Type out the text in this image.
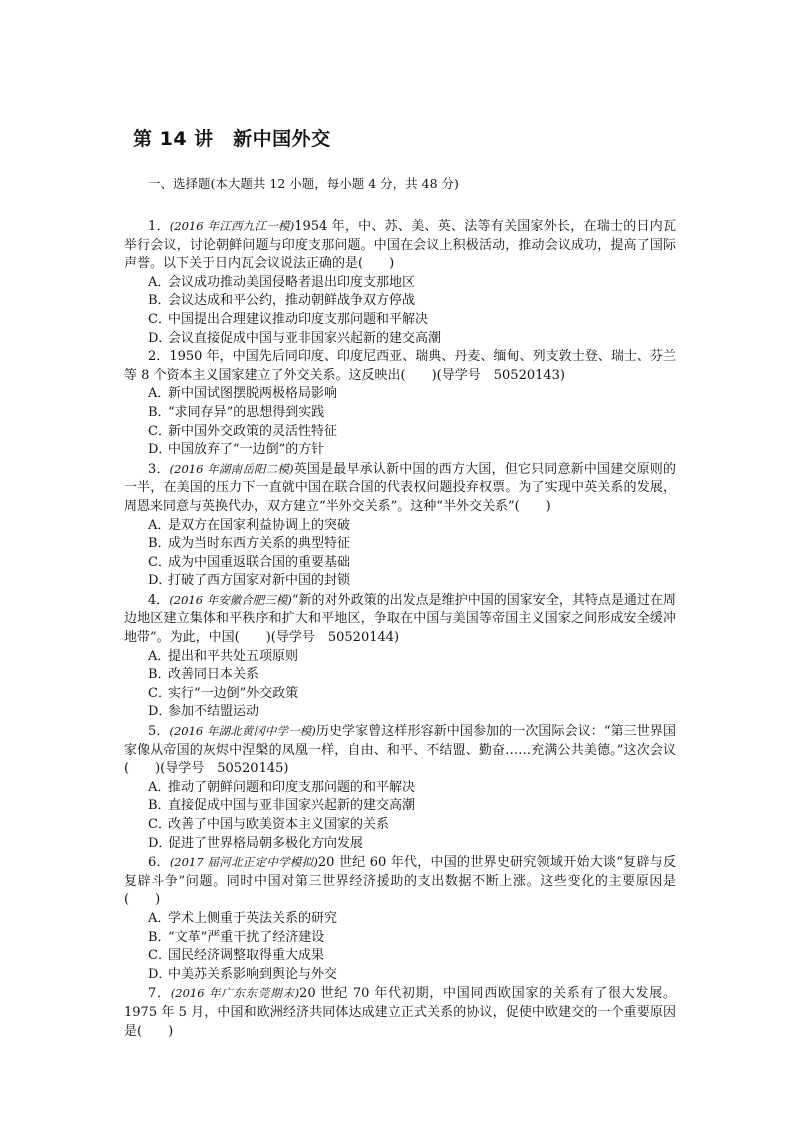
第 14 讲　新中国外交
一、选择题(本大题共 12 小题，每小题 4 分，共 48 分)

1．(2016 年江西九江一模)1954 年，中、苏、美、英、法等有关国家外长，在瑞士的日内瓦举行会议，讨论朝鲜问题与印度支那问题。中国在会议上积极活动，推动会议成功，提高了国际声誉。以下关于日内瓦会议说法正确的是(　　)

A．会议成功推动美国侵略者退出印度支那地区

B．会议达成和平公约，推动朝鲜战争双方停战

C．中国提出合理建议推动印度支那问题和平解决

D．会议直接促成中国与亚非国家兴起新的建交高潮

2．1950 年，中国先后同印度、印度尼西亚、瑞典、丹麦、缅甸、列支敦士登、瑞士、芬兰等 8 个资本主义国家建立了外交关系。这反映出(　　)(导学号　50520143)

A．新中国试图摆脱两极格局影响

B．“求同存异”的思想得到实践

C．新中国外交政策的灵活性特征

D．中国放弃了“一边倒”的方针

3．(2016 年湖南岳阳二模)英国是最早承认新中国的西方大国，但它只同意新中国建交原则的一半，在美国的压力下一直就中国在联合国的代表权问题投弃权票。为了实现中英关系的发展，周恩来同意与英换代办，双方建立“半外交关系”。这种“半外交关系”(　　)

A．是双方在国家利益协调上的突破

B．成为当时东西方关系的典型特征

C．成为中国重返联合国的重要基础

D．打破了西方国家对新中国的封锁

4．(2016 年安徽合肥三模)“新的对外政策的出发点是维护中国的国家安全，其特点是通过在周边地区建立集体和平秩序和扩大和平地区，争取在中国与美国等帝国主义国家之间形成安全缓冲地带”。为此，中国(　　)(导学号　50520144)

A．提出和平共处五项原则

B．改善同日本关系

C．实行“一边倒”外交政策

D．参加不结盟运动

5．(2016 年湖北黄冈中学一模)历史学家曾这样形容新中国参加的一次国际会议：“第三世界国家像从帝国的灰烬中涅槃的凤凰一样，自由、和平、不结盟、勤奋……充满公共美德。”这次会议(　　)(导学号　50520145)

A．推动了朝鲜问题和印度支那问题的和平解决

B．直接促成中国与亚非国家兴起新的建交高潮

C．改善了中国与欧美资本主义国家的关系

D．促进了世界格局朝多极化方向发展

6．(2017 届河北正定中学模拟)20 世纪 60 年代，中国的世界史研究领域开始大谈“复辟与反复辟斗争”问题。同时中国对第三世界经济援助的支出数据不断上涨。这些变化的主要原因是(　　)

A．学术上侧重于英法关系的研究

B．“文革”严重干扰了经济建设

C．国民经济调整取得重大成果

D．中美苏关系影响到舆论与外交

7．(2016 年广东东莞期末)20 世纪 70 年代初期，中国同西欧国家的关系有了很大发展。1975 年 5 月，中国和欧洲经济共同体达成建立正式关系的协议，促使中欧建交的一个重要原因是(　　)
